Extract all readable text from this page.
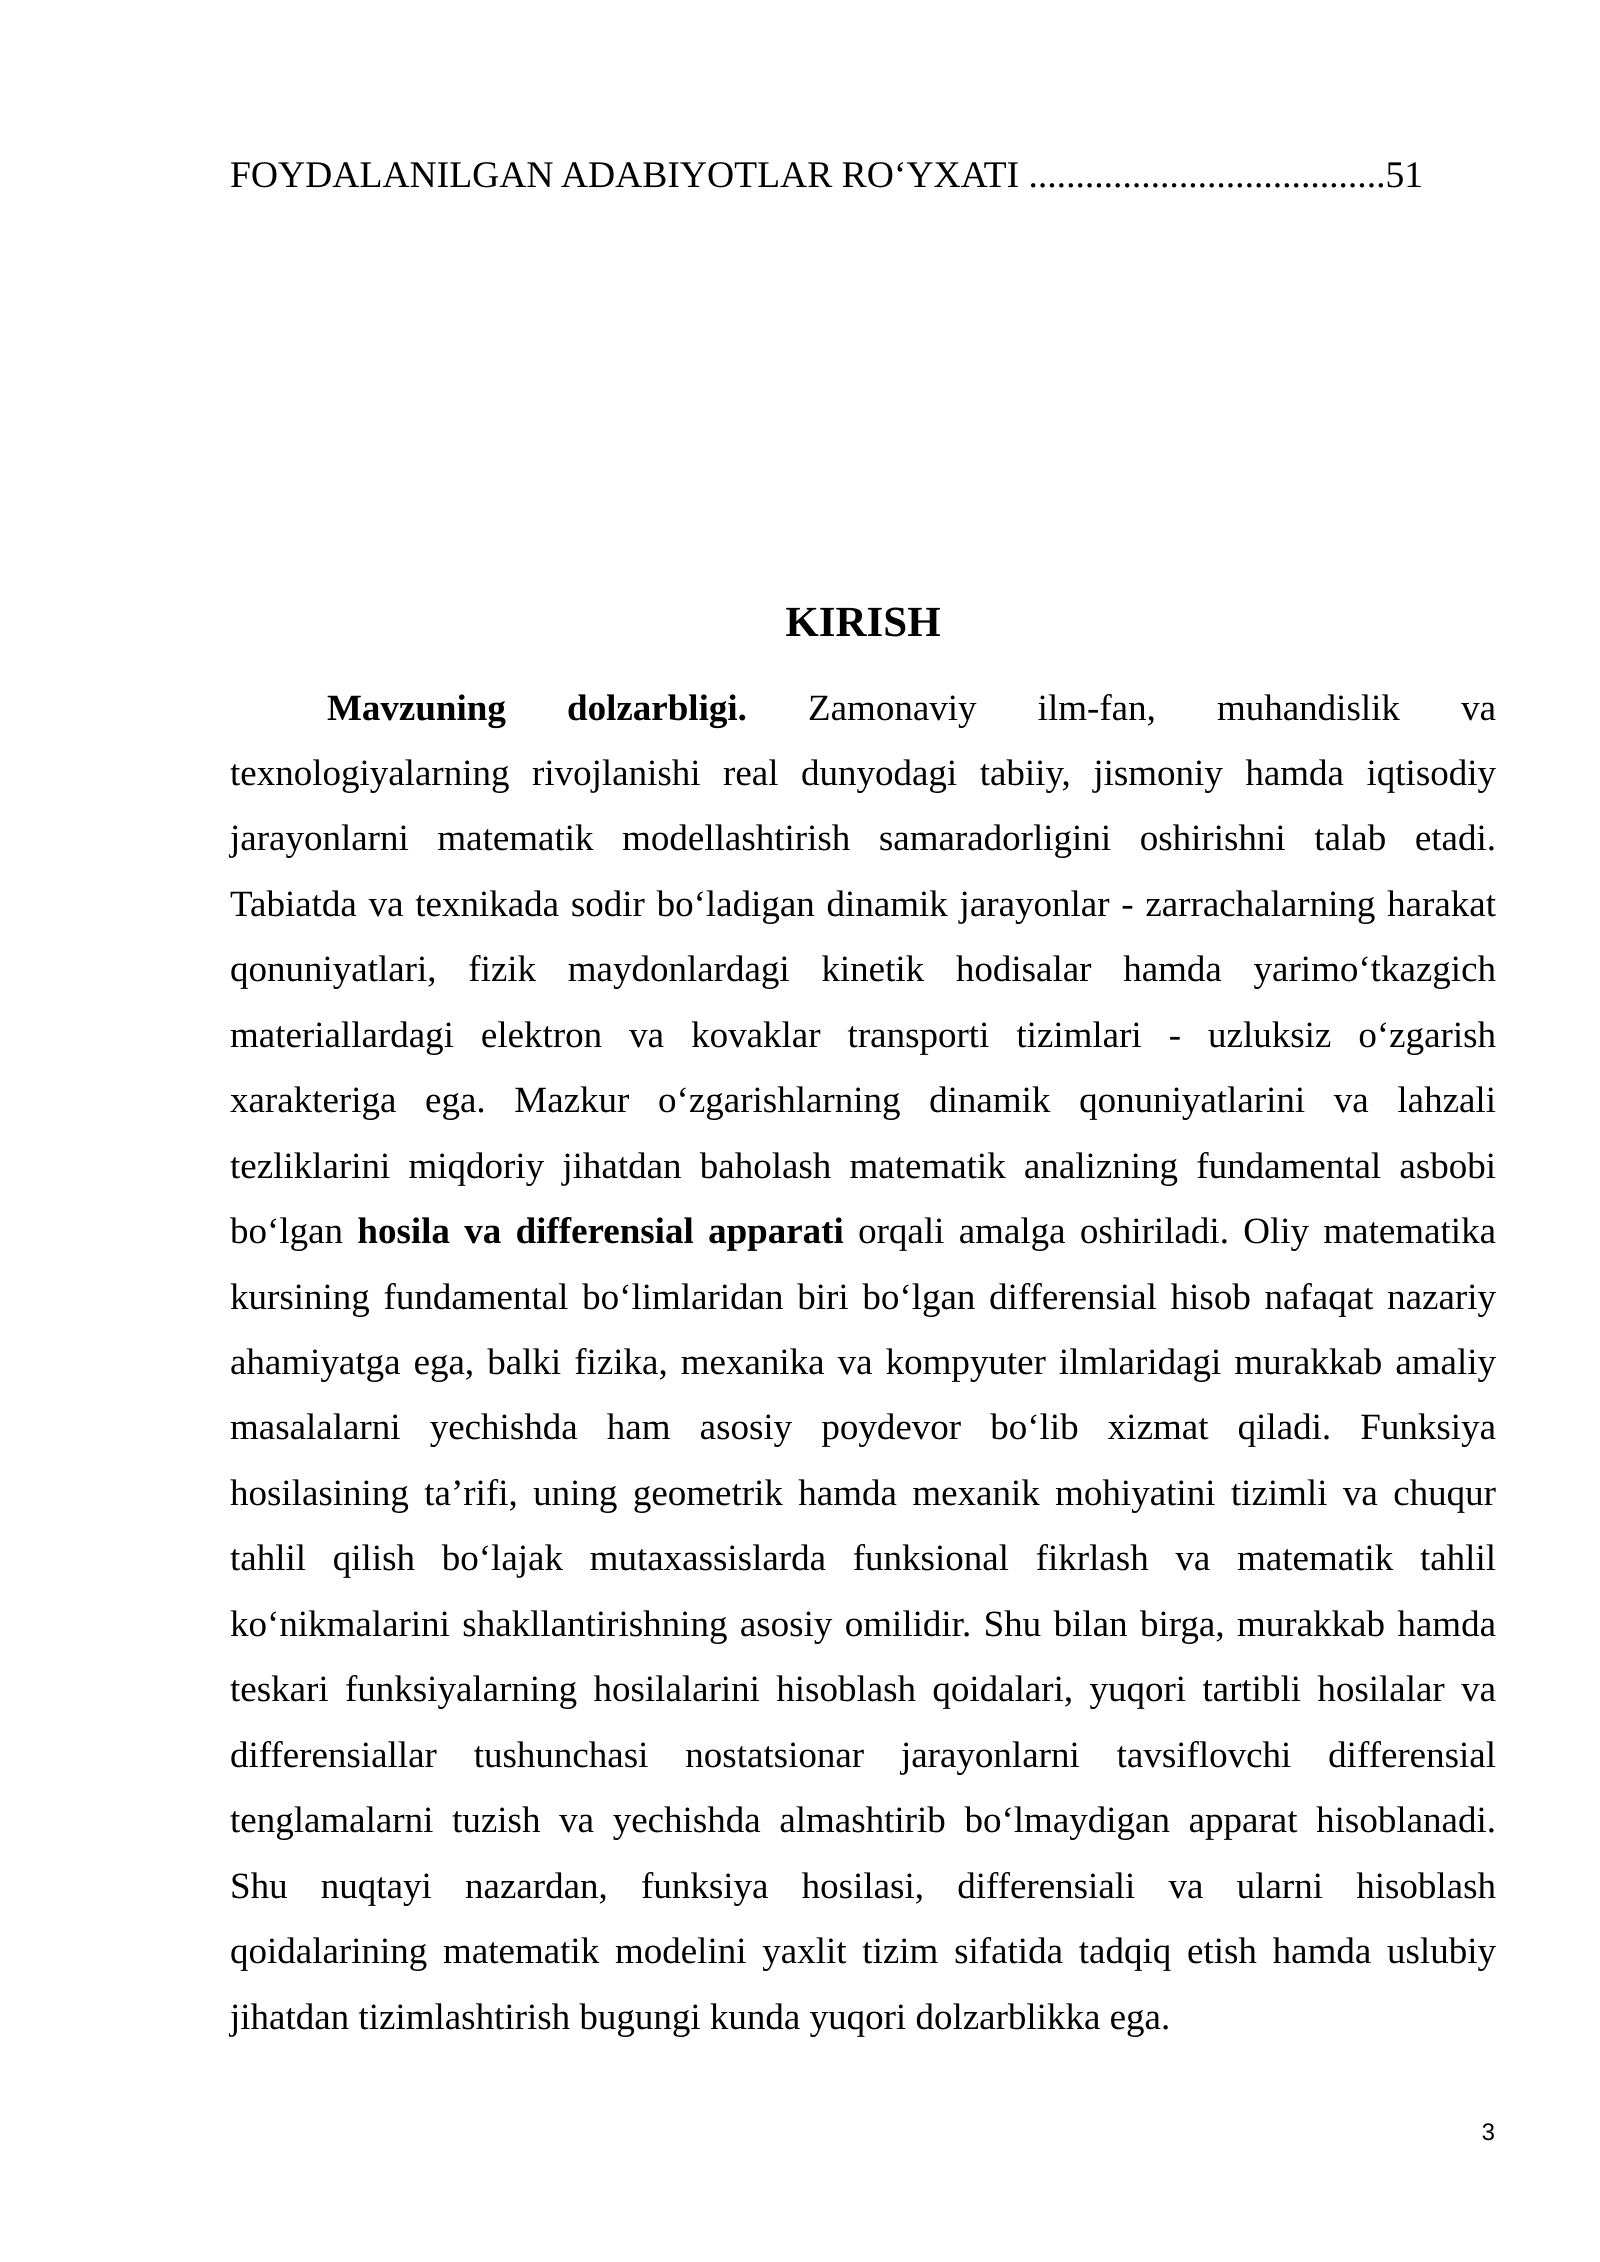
FOYDALANILGAN ADABIYOTLAR RO‘YXATI ......................................51
KIRISH
Mavzuning dolzarbligi. Zamonaviy ilm-fan, muhandislik va
texnologiyalarning rivojlanishi real dunyodagi tabiiy, jismoniy hamda iqtisodiy
jarayonlarni matematik modellashtirish samaradorligini oshirishni talab etadi.
Tabiatda va texnikada sodir bo‘ladigan dinamik jarayonlar - zarrachalarning harakat
qonuniyatlari, fizik maydonlardagi kinetik hodisalar hamda yarimo‘tkazgich
materiallardagi elektron va kovaklar transporti tizimlari - uzluksiz o‘zgarish
xarakteriga ega. Mazkur o‘zgarishlarning dinamik qonuniyatlarini va lahzali
tezliklarini miqdoriy jihatdan baholash matematik analizning fundamental asbobi
bo‘lgan hosila va differensial apparati orqali amalga oshiriladi. Oliy matematika
kursining fundamental bo‘limlaridan biri bo‘lgan differensial hisob nafaqat nazariy
ahamiyatga ega, balki fizika, mexanika va kompyuter ilmlaridagi murakkab amaliy
masalalarni yechishda ham asosiy poydevor bo‘lib xizmat qiladi. Funksiya
hosilasining ta’rifi, uning geometrik hamda mexanik mohiyatini tizimli va chuqur
tahlil qilish bo‘lajak mutaxassislarda funksional fikrlash va matematik tahlil
ko‘nikmalarini shakllantirishning asosiy omilidir. Shu bilan birga, murakkab hamda
teskari funksiyalarning hosilalarini hisoblash qoidalari, yuqori tartibli hosilalar va
differensiallar tushunchasi nostatsionar jarayonlarni tavsiflovchi differensial
tenglamalarni tuzish va yechishda almashtirib bo‘lmaydigan apparat hisoblanadi.
Shu nuqtayi nazardan, funksiya hosilasi, differensiali va ularni hisoblash
qoidalarining matematik modelini yaxlit tizim sifatida tadqiq etish hamda uslubiy
jihatdan tizimlashtirish bugungi kunda yuqori dolzarblikka ega.
3
